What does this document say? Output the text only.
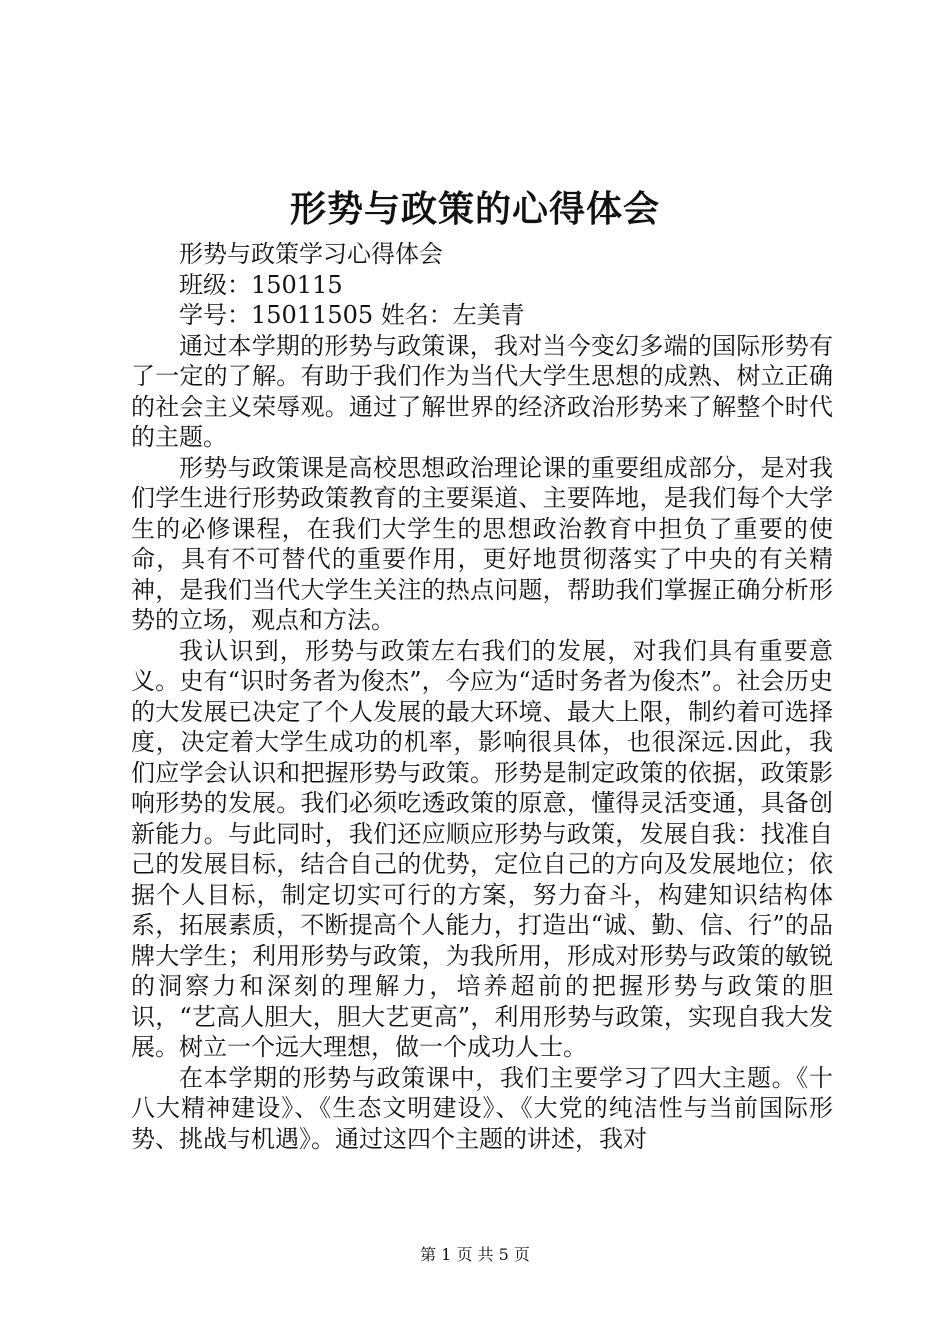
形势与政策的心得体会

形势与政策学习心得体会

班级：150115

学号：15011505 姓名：左美青

通过本学期的形势与政策课，我对当今变幻多端的国际形势有了一定的了解。有助于我们作为当代大学生思想的成熟、树立正确的社会主义荣辱观。通过了解世界的经济政治形势来了解整个时代的主题。

形势与政策课是高校思想政治理论课的重要组成部分，是对我们学生进行形势政策教育的主要渠道、主要阵地，是我们每个大学生的必修课程，在我们大学生的思想政治教育中担负了重要的使命，具有不可替代的重要作用，更好地贯彻落实了中央的有关精神，是我们当代大学生关注的热点问题，帮助我们掌握正确分析形势的立场，观点和方法。

我认识到，形势与政策左右我们的发展，对我们具有重要意义。史有“识时务者为俊杰”，今应为“适时务者为俊杰”。社会历史的大发展已决定了个人发展的最大环境、最大上限，制约着可选择度，决定着大学生成功的机率，影响很具体，也很深远.因此，我们应学会认识和把握形势与政策。形势是制定政策的依据，政策影响形势的发展。我们必须吃透政策的原意，懂得灵活变通，具备创新能力。与此同时，我们还应顺应形势与政策，发展自我：找准自己的发展目标，结合自己的优势，定位自己的方向及发展地位；依据个人目标，制定切实可行的方案，努力奋斗，构建知识结构体系，拓展素质，不断提高个人能力，打造出“诚、勤、信、行”的品牌大学生；利用形势与政策，为我所用，形成对形势与政策的敏锐的洞察力和深刻的理解力，培养超前的把握形势与政策的胆识，“艺高人胆大，胆大艺更高”，利用形势与政策，实现自我大发展。树立一个远大理想，做一个成功人士。

在本学期的形势与政策课中，我们主要学习了四大主题。《十八大精神建设》、《生态文明建设》、《大党的纯洁性与当前国际形势、挑战与机遇》。通过这四个主题的讲述，我对

第 1 页 共 5 页
